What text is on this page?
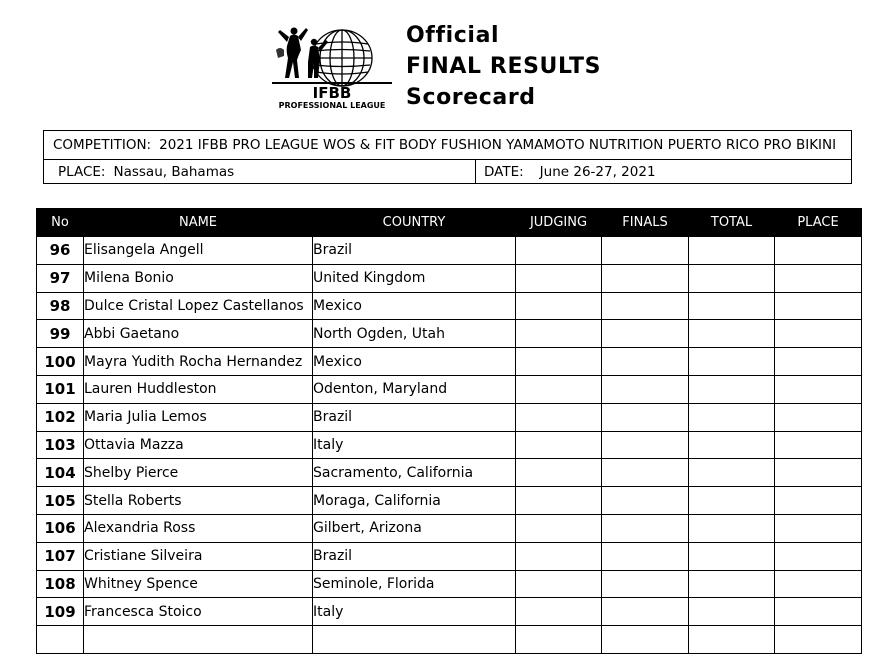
IFBB
PROFESSIONAL LEAGUE
Official
FINAL RESULTS
Scorecard
COMPETITION: 2021 IFBB PRO LEAGUE WOS & FIT BODY FUSHION YAMAMOTO NUTRITION PUERTO RICO PRO BIKINI
PLACE: Nassau, Bahamas	DATE: June 26-27, 2021
No	NAME	COUNTRY	JUDGING	FINALS	TOTAL	PLACE
96	Elisangela Angell	Brazil				
97	Milena Bonio	United Kingdom				
98	Dulce Cristal Lopez Castellanos	Mexico				
99	Abbi Gaetano	North Ogden, Utah				
100	Mayra Yudith Rocha Hernandez	Mexico				
101	Lauren Huddleston	Odenton, Maryland				
102	Maria Julia Lemos	Brazil				
103	Ottavia Mazza	Italy				
104	Shelby Pierce	Sacramento, California				
105	Stella Roberts	Moraga, California				
106	Alexandria Ross	Gilbert, Arizona				
107	Cristiane Silveira	Brazil				
108	Whitney Spence	Seminole, Florida				
109	Francesca Stoico	Italy				
